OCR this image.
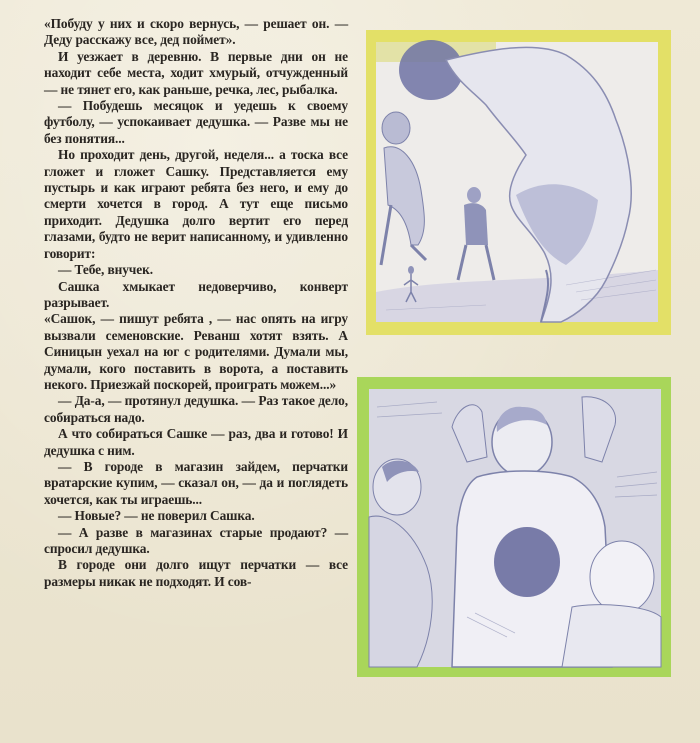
«Побуду у них и скоро вернусь, — решает он. — Деду расскажу все, дед поймет».

И уезжает в деревню. В первые дни он не находит себе места, ходит хмурый, отчужденный — не тянет его, как раньше, речка, лес, рыбалка.

— Побудешь месяцок и уедешь к своему футболу, — успокаивает дедушка. — Разве мы не без понятия...

Но проходит день, другой, неделя... а тоска все гложет и гложет Сашку. Представляется ему пустырь и как играют ребята без него, и ему до смерти хочется в город. А тут еще письмо приходит. Дедушка долго вертит его перед глазами, будто не верит написанному, и удивленно говорит:

— Тебе, внучек.

Сашка хмыкает недоверчиво, конверт разрывает.

«Сашок, — пишут ребята , — нас опять на игру вызвали семеновские. Реванш хотят взять. А Синицын уехал на юг с родителями. Думали мы, думали, кого поставить в ворота, а поставить некого. Приезжай поскорей, проиграть можем...»

— Да-а, — протянул дедушка. — Раз такое дело, собираться надо.

А что собираться Сашке — раз, два и готово! И дедушка с ним.

— В городе в магазин зайдем, перчатки вратарские купим, — сказал он, — да и поглядеть хочется, как ты играешь...

— Новые? — не поверил Сашка.

— А разве в магазинах старые продают? — спросил дедушка.

В городе они долго ищут перчатки — все размеры никак не подходят. И сов-
